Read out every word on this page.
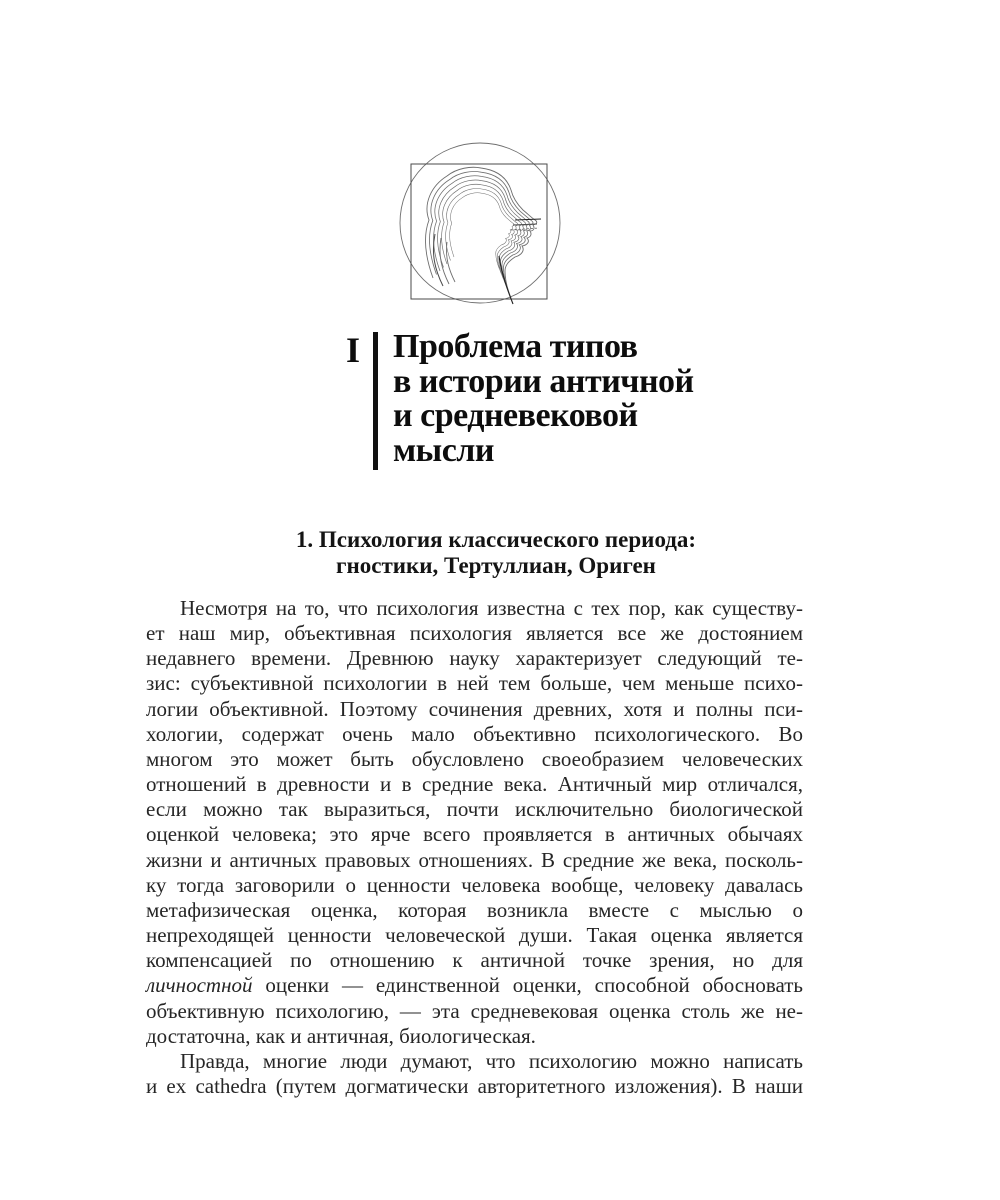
I Проблема типов
в истории античной
и средневековой
мысли
1. Психология классического периода:
гностики, Тертуллиан, Ориген
Несмотря на то, что психология известна с тех пор, как существу-
ет наш мир, объективная психология является все же достоянием
недавнего времени. Древнюю науку характеризует следующий те-
зис: субъективной психологии в ней тем больше, чем меньше психо-
логии объективной. Поэтому сочинения древних, хотя и полны пси-
хологии, содержат очень мало объективно психологического. Во
многом это может быть обусловлено своеобразием человеческих
отношений в древности и в средние века. Античный мир отличался,
если можно так выразиться, почти исключительно биологической
оценкой человека; это ярче всего проявляется в античных обычаях
жизни и античных правовых отношениях. В средние же века, посколь-
ку тогда заговорили о ценности человека вообще, человеку давалась
метафизическая оценка, которая возникла вместе с мыслью о
непреходящей ценности человеческой души. Такая оценка является
компенсацией по отношению к античной точке зрения, но для
личностной оценки — единственной оценки, способной обосновать
объективную психологию, — эта средневековая оценка столь же не-
достаточна, как и античная, биологическая.
Правда, многие люди думают, что психологию можно написать
и ex cathedra (путем догматически авторитетного изложения). В наши
